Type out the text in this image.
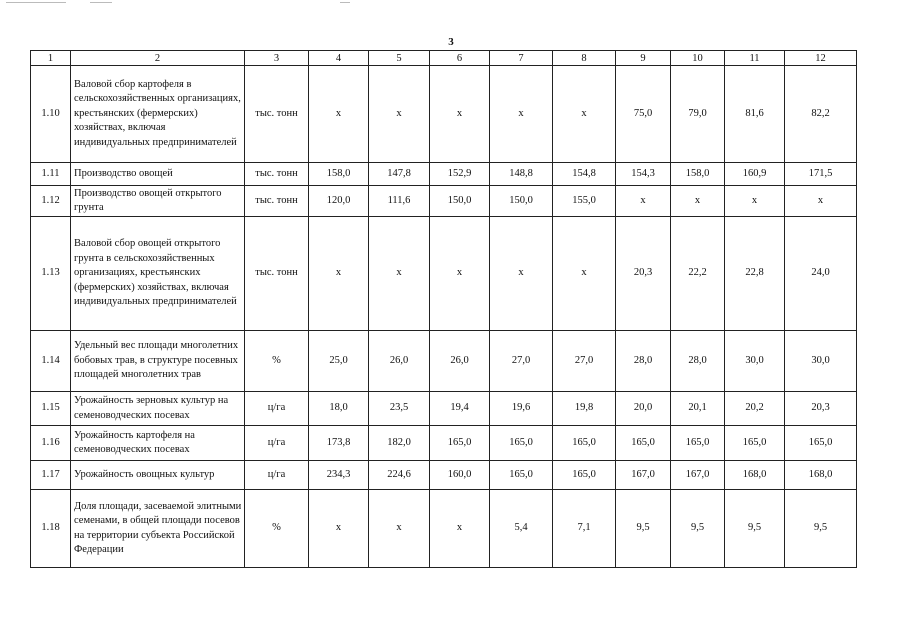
3
1	2	3	4	5	6	7	8	9	10	11	12
1.10	Валовой сбор картофеля в сельскохозяйственных организациях, крестьянских (фермерских) хозяйствах, включая индивидуальных предпринимателей	тыс. тонн	x	x	x	x	x	75,0	79,0	81,6	82,2
1.11	Производство овощей	тыс. тонн	158,0	147,8	152,9	148,8	154,8	154,3	158,0	160,9	171,5
1.12	Производство овощей открытого грунта	тыс. тонн	120,0	111,6	150,0	150,0	155,0	x	x	x	x
1.13	Валовой сбор овощей открытого грунта в сельскохозяйственных организациях, крестьянских (фермерских) хозяйствах, включая индивидуальных предпринимателей	тыс. тонн	x	x	x	x	x	20,3	22,2	22,8	24,0
1.14	Удельный вес площади многолетних бобовых трав, в структуре посевных площадей многолетних трав	%	25,0	26,0	26,0	27,0	27,0	28,0	28,0	30,0	30,0
1.15	Урожайность зерновых культур на семеноводческих посевах	ц/га	18,0	23,5	19,4	19,6	19,8	20,0	20,1	20,2	20,3
1.16	Урожайность картофеля на семеноводческих посевах	ц/га	173,8	182,0	165,0	165,0	165,0	165,0	165,0	165,0	165,0
1.17	Урожайность овощных культур	ц/га	234,3	224,6	160,0	165,0	165,0	167,0	167,0	168,0	168,0
1.18	Доля площади, засеваемой элитными семенами, в общей площади посевов на территории субъекта Российской Федерации	%	x	x	x	5,4	7,1	9,5	9,5	9,5	9,5
